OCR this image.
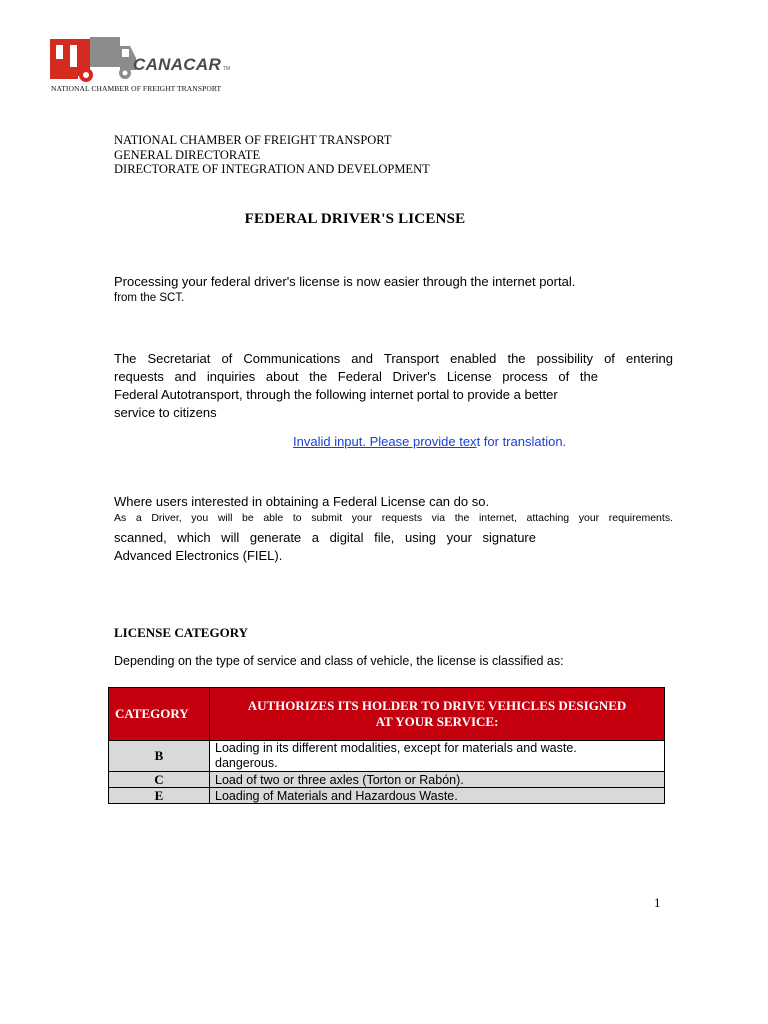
CANACAR TM
NATIONAL CHAMBER OF FREIGHT TRANSPORT
NATIONAL CHAMBER OF FREIGHT TRANSPORT
GENERAL DIRECTORATE
DIRECTORATE OF INTEGRATION AND DEVELOPMENT
FEDERAL DRIVER'S LICENSE
Processing your federal driver's license is now easier through the internet portal.
from the SCT.
The Secretariat of Communications and Transport enabled the possibility of entering
requests and inquiries about the Federal Driver's License process of the
Federal Autotransport, through the following internet portal to provide a better
service to citizens
Invalid input. Please provide text for translation.
Where users interested in obtaining a Federal License can do so.
As a Driver, you will be able to submit your requests via the internet, attaching your requirements.
scanned, which will generate a digital file, using your signature
Advanced Electronics (FIEL).
LICENSE CATEGORY
Depending on the type of service and class of vehicle, the license is classified as:
CATEGORY	AUTHORIZES ITS HOLDER TO DRIVE VEHICLES DESIGNED
AT YOUR SERVICE:

B	Loading in its different modalities, except for materials and waste.
dangerous.

C	Load of two or three axles (Torton or Rabón).
E	Loading of Materials and Hazardous Waste.
1
